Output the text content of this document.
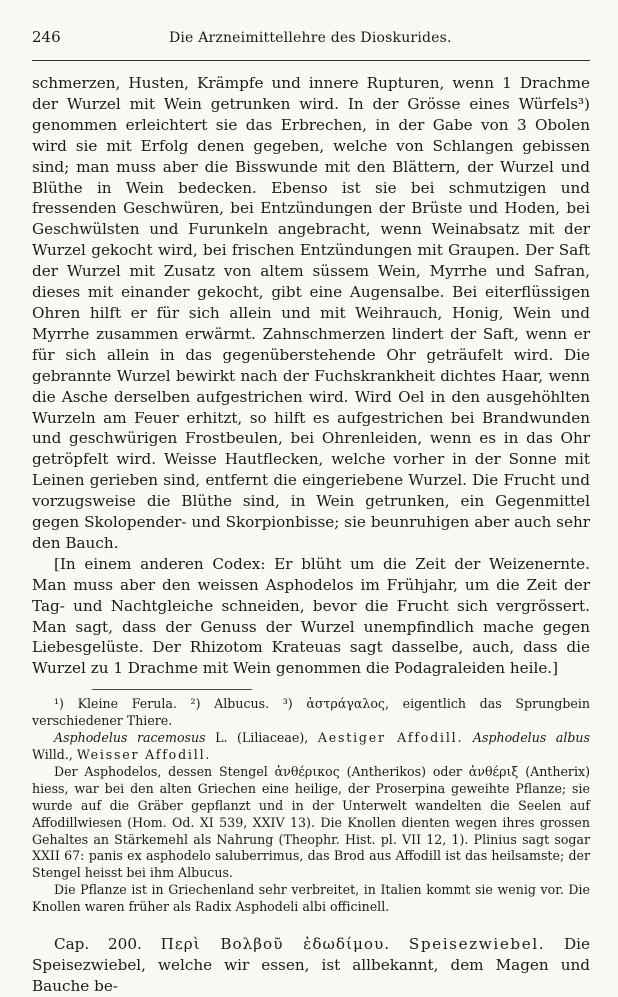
246	Die Arzneimittellehre des Dioskurides.

schmerzen, Husten, Krämpfe und innere Rupturen, wenn 1 Drachme der Wurzel mit Wein getrunken wird. In der Grösse eines Würfels³) genommen erleichtert sie das Erbrechen, in der Gabe von 3 Obolen wird sie mit Erfolg denen gegeben, welche von Schlangen gebissen sind; man muss aber die Bisswunde mit den Blättern, der Wurzel und Blüthe in Wein bedecken. Ebenso ist sie bei schmutzigen und fressenden Geschwüren, bei Entzündungen der Brüste und Hoden, bei Geschwülsten und Furunkeln angebracht, wenn Weinabsatz mit der Wurzel gekocht wird, bei frischen Entzündungen mit Graupen. Der Saft der Wurzel mit Zusatz von altem süssem Wein, Myrrhe und Safran, dieses mit einander gekocht, gibt eine Augensalbe. Bei eiterflüssigen Ohren hilft er für sich allein und mit Weihrauch, Honig, Wein und Myrrhe zusammen erwärmt. Zahnschmerzen lindert der Saft, wenn er für sich allein in das gegenüberstehende Ohr geträufelt wird. Die gebrannte Wurzel bewirkt nach der Fuchskrankheit dichtes Haar, wenn die Asche derselben aufgestrichen wird. Wird Oel in den ausgehöhlten Wurzeln am Feuer erhitzt, so hilft es aufgestrichen bei Brandwunden und geschwürigen Frostbeulen, bei Ohrenleiden, wenn es in das Ohr getröpfelt wird. Weisse Hautflecken, welche vorher in der Sonne mit Leinen gerieben sind, entfernt die eingeriebene Wurzel. Die Frucht und vorzugsweise die Blüthe sind, in Wein getrunken, ein Gegenmittel gegen Skolopender- und Skorpionbisse; sie beunruhigen aber auch sehr den Bauch.

[In einem anderen Codex: Er blüht um die Zeit der Weizenernte. Man muss aber den weissen Asphodelos im Frühjahr, um die Zeit der Tag- und Nachtgleiche schneiden, bevor die Frucht sich vergrössert. Man sagt, dass der Genuss der Wurzel unempfindlich mache gegen Liebesgelüste. Der Rhizotom Krateuas sagt dasselbe, auch, dass die Wurzel zu 1 Drachme mit Wein genommen die Podagraleiden heile.]

¹) Kleine Ferula. ²) Albucus. ³) ἀστράγαλος, eigentlich das Sprungbein verschiedener Thiere.

Asphodelus racemosus L. (Liliaceae), Aestiger Affodill. Asphodelus albus Willd., Weisser Affodill.

Der Asphodelos, dessen Stengel ἀνθέρικος (Antherikos) oder ἀνθέριξ (Antherix) hiess, war bei den alten Griechen eine heilige, der Proserpina geweihte Pflanze; sie wurde auf die Gräber gepflanzt und in der Unterwelt wandelten die Seelen auf Affodillwiesen (Hom. Od. XI 539, XXIV 13). Die Knollen dienten wegen ihres grossen Gehaltes an Stärkemehl als Nahrung (Theophr. Hist. pl. VII 12, 1). Plinius sagt sogar XXII 67: panis ex asphodelo saluberrimus, das Brod aus Affodill ist das heilsamste; der Stengel heisst bei ihm Albucus.

Die Pflanze ist in Griechenland sehr verbreitet, in Italien kommt sie wenig vor. Die Knollen waren früher als Radix Asphodeli albi officinell.

Cap. 200. Περὶ Βολβοῦ ἐδωδίμου. Speisezwiebel. Die Speisezwiebel, welche wir essen, ist allbekannt, dem Magen und Bauche be-
